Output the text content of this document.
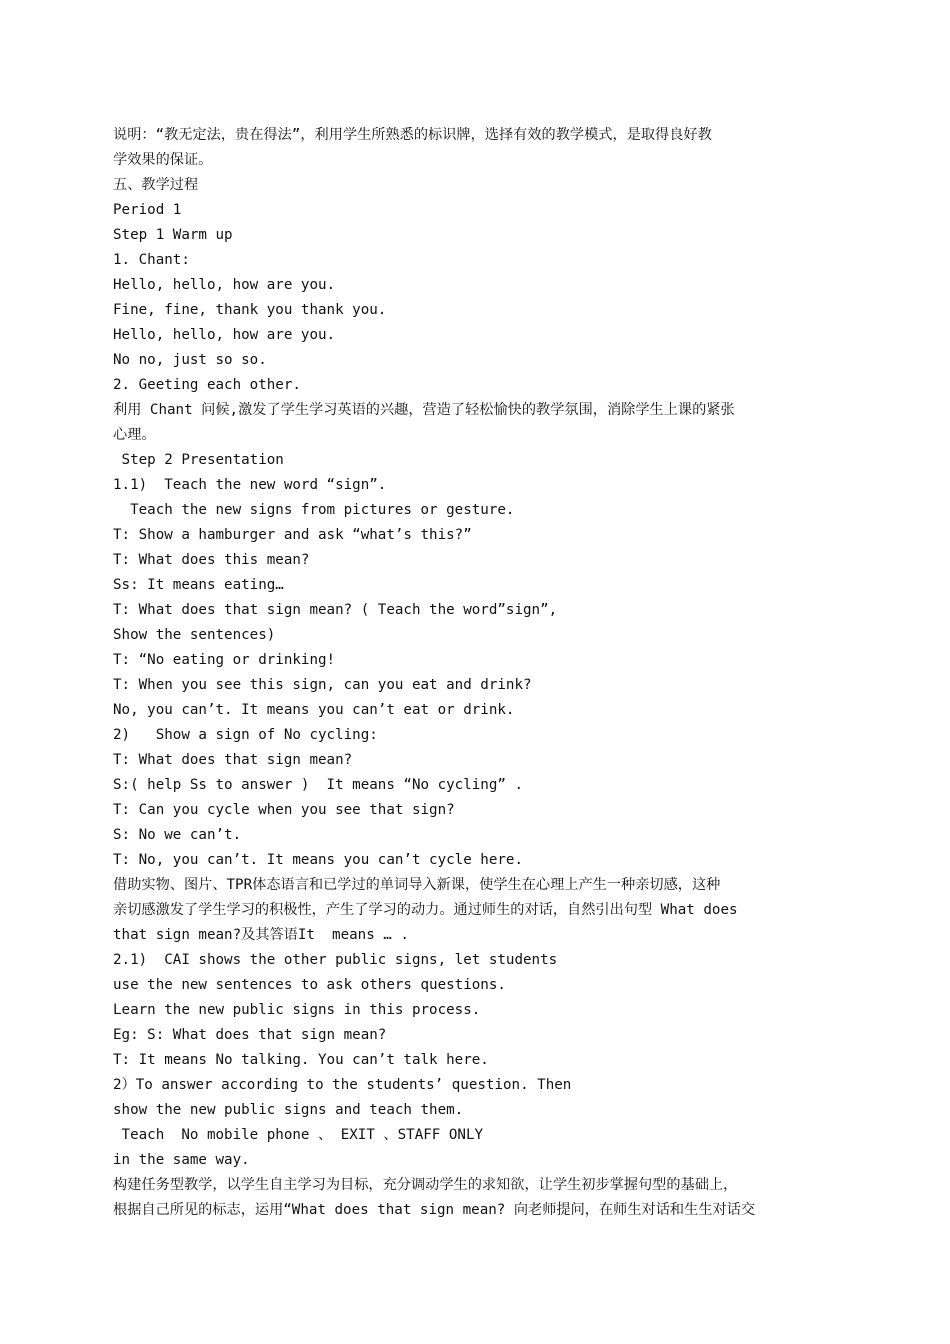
说明：“教无定法，贵在得法”，利用学生所熟悉的标识牌，选择有效的教学模式，是取得良好教
学效果的保证。
五、教学过程
Period 1
Step 1 Warm up
1. Chant:
Hello, hello, how are you.
Fine, fine, thank you thank you.
Hello, hello, how are you.
No no, just so so.
2. Geeting each other.
利用 Chant 问候,激发了学生学习英语的兴趣，营造了轻松愉快的教学氛围，消除学生上课的紧张
心理。
Step 2 Presentation
1.1)  Teach the new word “sign”.
Teach the new signs from pictures or gesture.
T: Show a hamburger and ask “what’s this?”
T: What does this mean?
Ss: It means eating…
T: What does that sign mean? ( Teach the word”sign”,
Show the sentences)
T: “No eating or drinking!
T: When you see this sign, can you eat and drink?
No, you can’t. It means you can’t eat or drink.
2)   Show a sign of No cycling:
T: What does that sign mean?
S:( help Ss to answer )  It means “No cycling” .
T: Can you cycle when you see that sign?
S: No we can’t.
T: No, you can’t. It means you can’t cycle here.
借助实物、图片、TPR体态语言和已学过的单词导入新课，使学生在心理上产生一种亲切感，这种
亲切感激发了学生学习的积极性，产生了学习的动力。通过师生的对话，自然引出句型 What does
that sign mean?及其答语It  means … .
2.1)  CAI shows the other public signs, let students
use the new sentences to ask others questions.
Learn the new public signs in this process.
Eg: S: What does that sign mean?
T: It means No talking. You can’t talk here.
2）To answer according to the students’ question. Then
show the new public signs and teach them.
Teach  No mobile phone 、 EXIT 、STAFF ONLY
in the same way.
构建任务型教学，以学生自主学习为目标，充分调动学生的求知欲，让学生初步掌握句型的基础上，
根据自己所见的标志，运用“What does that sign mean? 向老师提问，在师生对话和生生对话交
